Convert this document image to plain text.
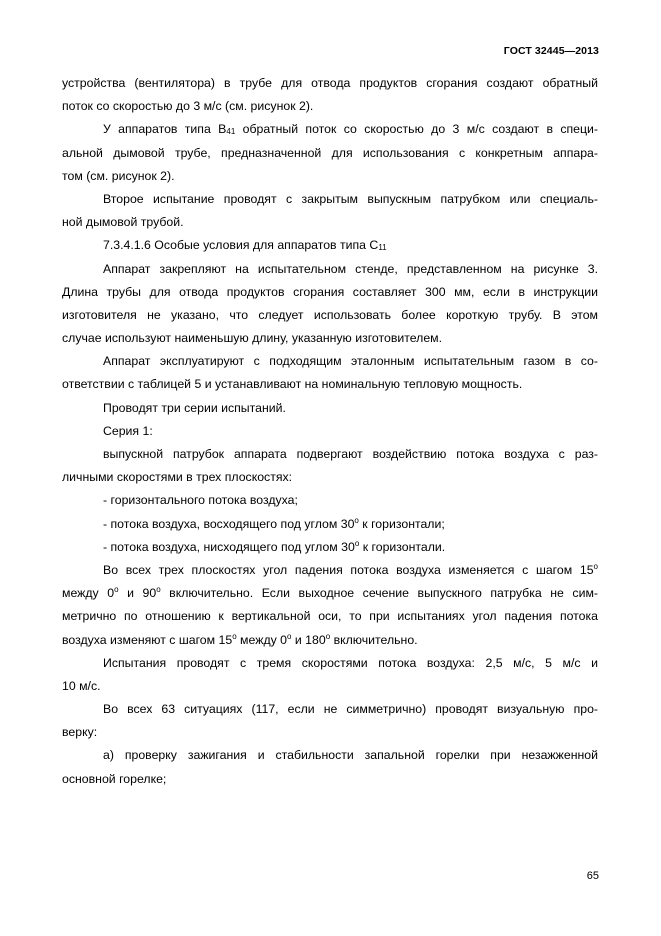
ГОСТ 32445—2013
устройства (вентилятора) в трубе для отвода продуктов сгорания создают обратный
поток со скоростью до 3 м/с (см. рисунок 2).
У аппаратов типа $В_{41}$ обратный поток со скоростью до 3 м/с создают в специ-
альной дымовой трубе, предназначенной для использования с конкретным аппара-
том (см. рисунок 2).
Второе испытание проводят с закрытым выпускным патрубком или специаль-
ной дымовой трубой.
7.3.4.1.6 Особые условия для аппаратов типа $С_{11}$
Аппарат закрепляют на испытательном стенде, представленном на рисунке 3.
Длина трубы для отвода продуктов сгорания составляет 300 мм, если в инструкции
изготовителя не указано, что следует использовать более короткую трубу. В этом
случае используют наименьшую длину, указанную изготовителем.
Аппарат эксплуатируют с подходящим эталонным испытательным газом в со-
ответствии с таблицей 5 и устанавливают на номинальную тепловую мощность.
Проводят три серии испытаний.
Серия 1:
выпускной патрубок аппарата подвергают воздействию потока воздуха с раз-
личными скоростями в трех плоскостях:
- горизонтального потока воздуха;
- потока воздуха, восходящего под углом $30^о$ к горизонтали;
- потока воздуха, нисходящего под углом $30^о$ к горизонтали.
Во всех трех плоскостях угол падения потока воздуха изменяется с шагом $15^о$
между $0^о$ и $90^о$ включительно. Если выходное сечение выпускного патрубка не сим-
метрично по отношению к вертикальной оси, то при испытаниях угол падения потока
воздуха изменяют с шагом $15^о$ между $0^о$ и $180^о$ включительно.
Испытания проводят с тремя скоростями потока воздуха: 2,5 м/с, 5 м/с и
10 м/с.
Во всех 63 ситуациях (117, если не симметрично) проводят визуальную про-
верку:
а) проверку зажигания и стабильности запальной горелки при незажженной
основной горелке;
65
